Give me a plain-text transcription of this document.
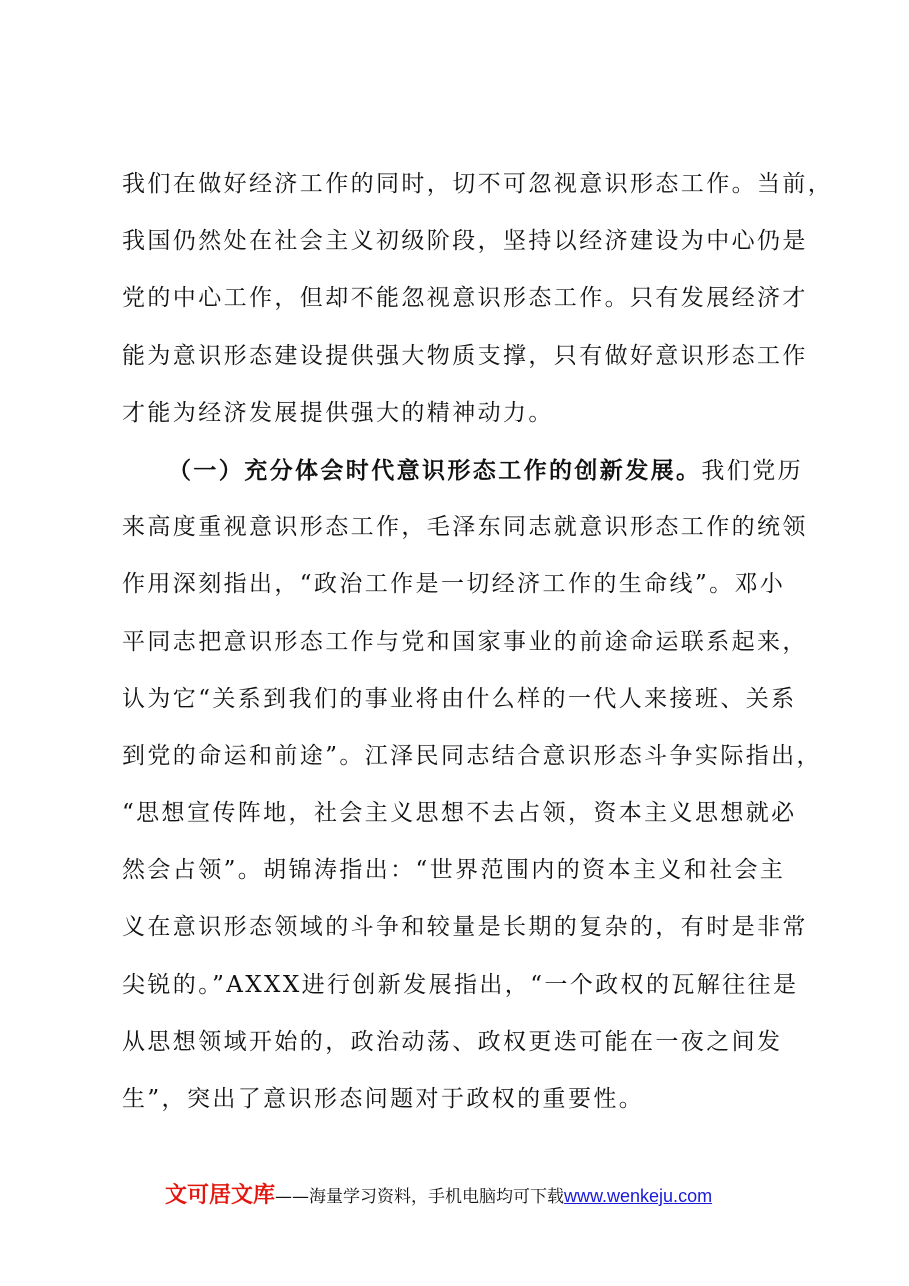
我们在做好经济工作的同时，切不可忽视意识形态工作。当前，
我国仍然处在社会主义初级阶段，坚持以经济建设为中心仍是
党的中心工作，但却不能忽视意识形态工作。只有发展经济才
能为意识形态建设提供强大物质支撑，只有做好意识形态工作
才能为经济发展提供强大的精神动力。
（一）充分体会时代意识形态工作的创新发展。我们党历
来高度重视意识形态工作，毛泽东同志就意识形态工作的统领
作用深刻指出，“政治工作是一切经济工作的生命线”。邓小
平同志把意识形态工作与党和国家事业的前途命运联系起来，
认为它“关系到我们的事业将由什么样的一代人来接班、关系
到党的命运和前途”。江泽民同志结合意识形态斗争实际指出，
“思想宣传阵地，社会主义思想不去占领，资本主义思想就必
然会占领”。胡锦涛指出：“世界范围内的资本主义和社会主
义在意识形态领域的斗争和较量是长期的复杂的，有时是非常
尖锐的。”AXXX进行创新发展指出，“一个政权的瓦解往往是
从思想领域开始的，政治动荡、政权更迭可能在一夜之间发
生”，突出了意识形态问题对于政权的重要性。
文可居文库——海量学习资料，手机电脑均可下载www.wenkeju.com
